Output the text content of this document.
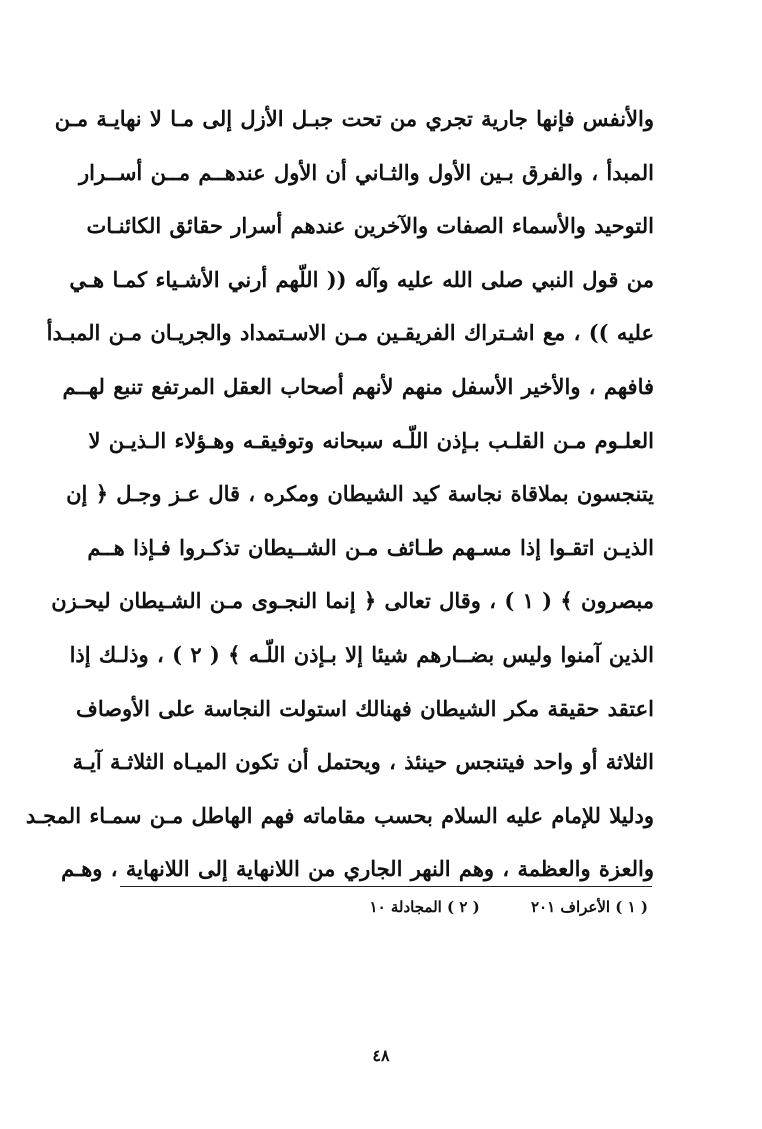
والأنفس فإنها جارية تجري من تحت جبـل الأزل إلى مـا لا نهايـة مـن
المبدأ ، والفرق بـين الأول والثـاني أن الأول عندهــم مــن أســرار
التوحيد والأسماء الصفات والآخرين عندهم أسرار حقائق الكائنـات
من قول النبي صلى الله عليه وآله (( اللّهم أرني الأشـياء كمـا هـي
عليه )) ، مع اشـتراك الفريقـين مـن الاسـتمداد والجريـان مـن المبـدأ
فافهم ، والأخير الأسفل منهم لأنهم أصحاب العقل المرتفع تنبع لهــم
العلـوم مـن القلـب بـإذن اللّـه سبحانه وتوفيقـه وهـؤلاء الـذيـن لا
يتنجسون بملاقاة نجاسة كيد الشيطان ومكره ، قال عـز وجـل ﴿ إن
الذيـن اتقـوا إذا مسـهم طـائف مـن الشــيطان تذكـروا فـإذا هــم
مبصرون ﴾ ( ١ ) ، وقال تعالى ﴿ إنما النجـوى مـن الشـيطان ليحـزن
الذين آمنوا وليس بضــارهم شيئا إلا بـإذن اللّـه ﴾ ( ٢ ) ، وذلـك إذا
اعتقد حقيقة مكر الشيطان فهنالك استولت النجاسة على الأوصاف
الثلاثة أو واحد فيتنجس حينئذ ، ويحتمل أن تكون الميـاه الثلاثـة آيـة
ودليلا للإمام عليه السلام بحسب مقاماته فهم الهاطل مـن سمـاء المجـد
والعزة والعظمة ، وهم النهر الجاري من اللانهاية إلى اللانهاية ، وهـم
( ١ ) الأعراف ٢٠١ ( ٢ ) المجادلة ١٠
٤٨
